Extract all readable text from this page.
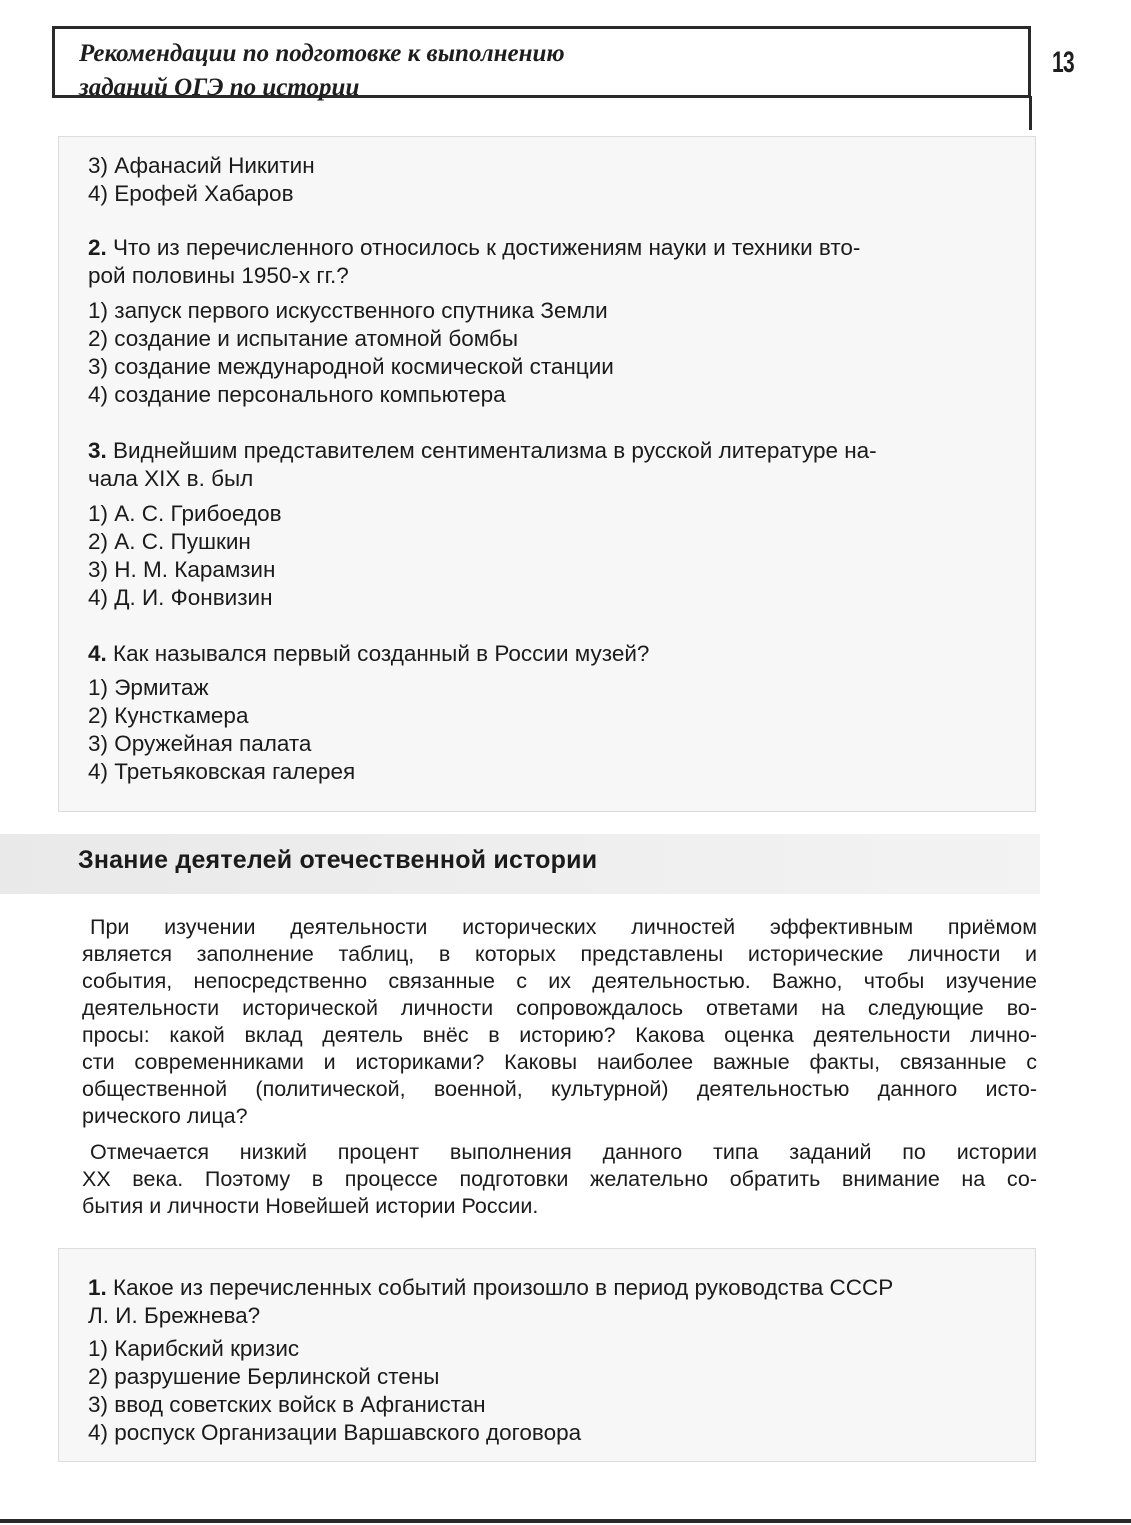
Рекомендации по подготовке к выполнению
заданий ОГЭ по истории
13

3) Афанасий Никитин

4) Ерофей Хабаров

2. Что из перечисленного относилось к достижениям науки и техники вто-

рой половины 1950-х гг.?

1) запуск первого искусственного спутника Земли

2) создание и испытание атомной бомбы

3) создание международной космической станции

4) создание персонального компьютера

3. Виднейшим представителем сентиментализма в русской литературе на-

чала XIX в. был

1) А. С. Грибоедов

2) А. С. Пушкин

3) Н. М. Карамзин

4) Д. И. Фонвизин

4. Как назывался первый созданный в России музей?

1) Эрмитаж

2) Кунсткамера

3) Оружейная палата

4) Третьяковская галерея

Знание деятелей отечественной истории
При изучении деятельности исторических личностей эффективным приёмом
является заполнение таблиц, в которых представлены исторические личности и
события, непосредственно связанные с их деятельностью. Важно, чтобы изучение
деятельности исторической личности сопровождалось ответами на следующие во-
просы: какой вклад деятель внёс в историю? Какова оценка деятельности лично-
сти современниками и историками? Каковы наиболее важные факты, связанные с
общественной (политической, военной, культурной) деятельностью данного исто-
рического лица?
Отмечается низкий процент выполнения данного типа заданий по истории
XX века. Поэтому в процессе подготовки желательно обратить внимание на со-
бытия и личности Новейшей истории России.

1. Какое из перечисленных событий произошло в период руководства СССР

Л. И. Брежнева?

1) Карибский кризис

2) разрушение Берлинской стены

3) ввод советских войск в Афганистан

4) роспуск Организации Варшавского договора
